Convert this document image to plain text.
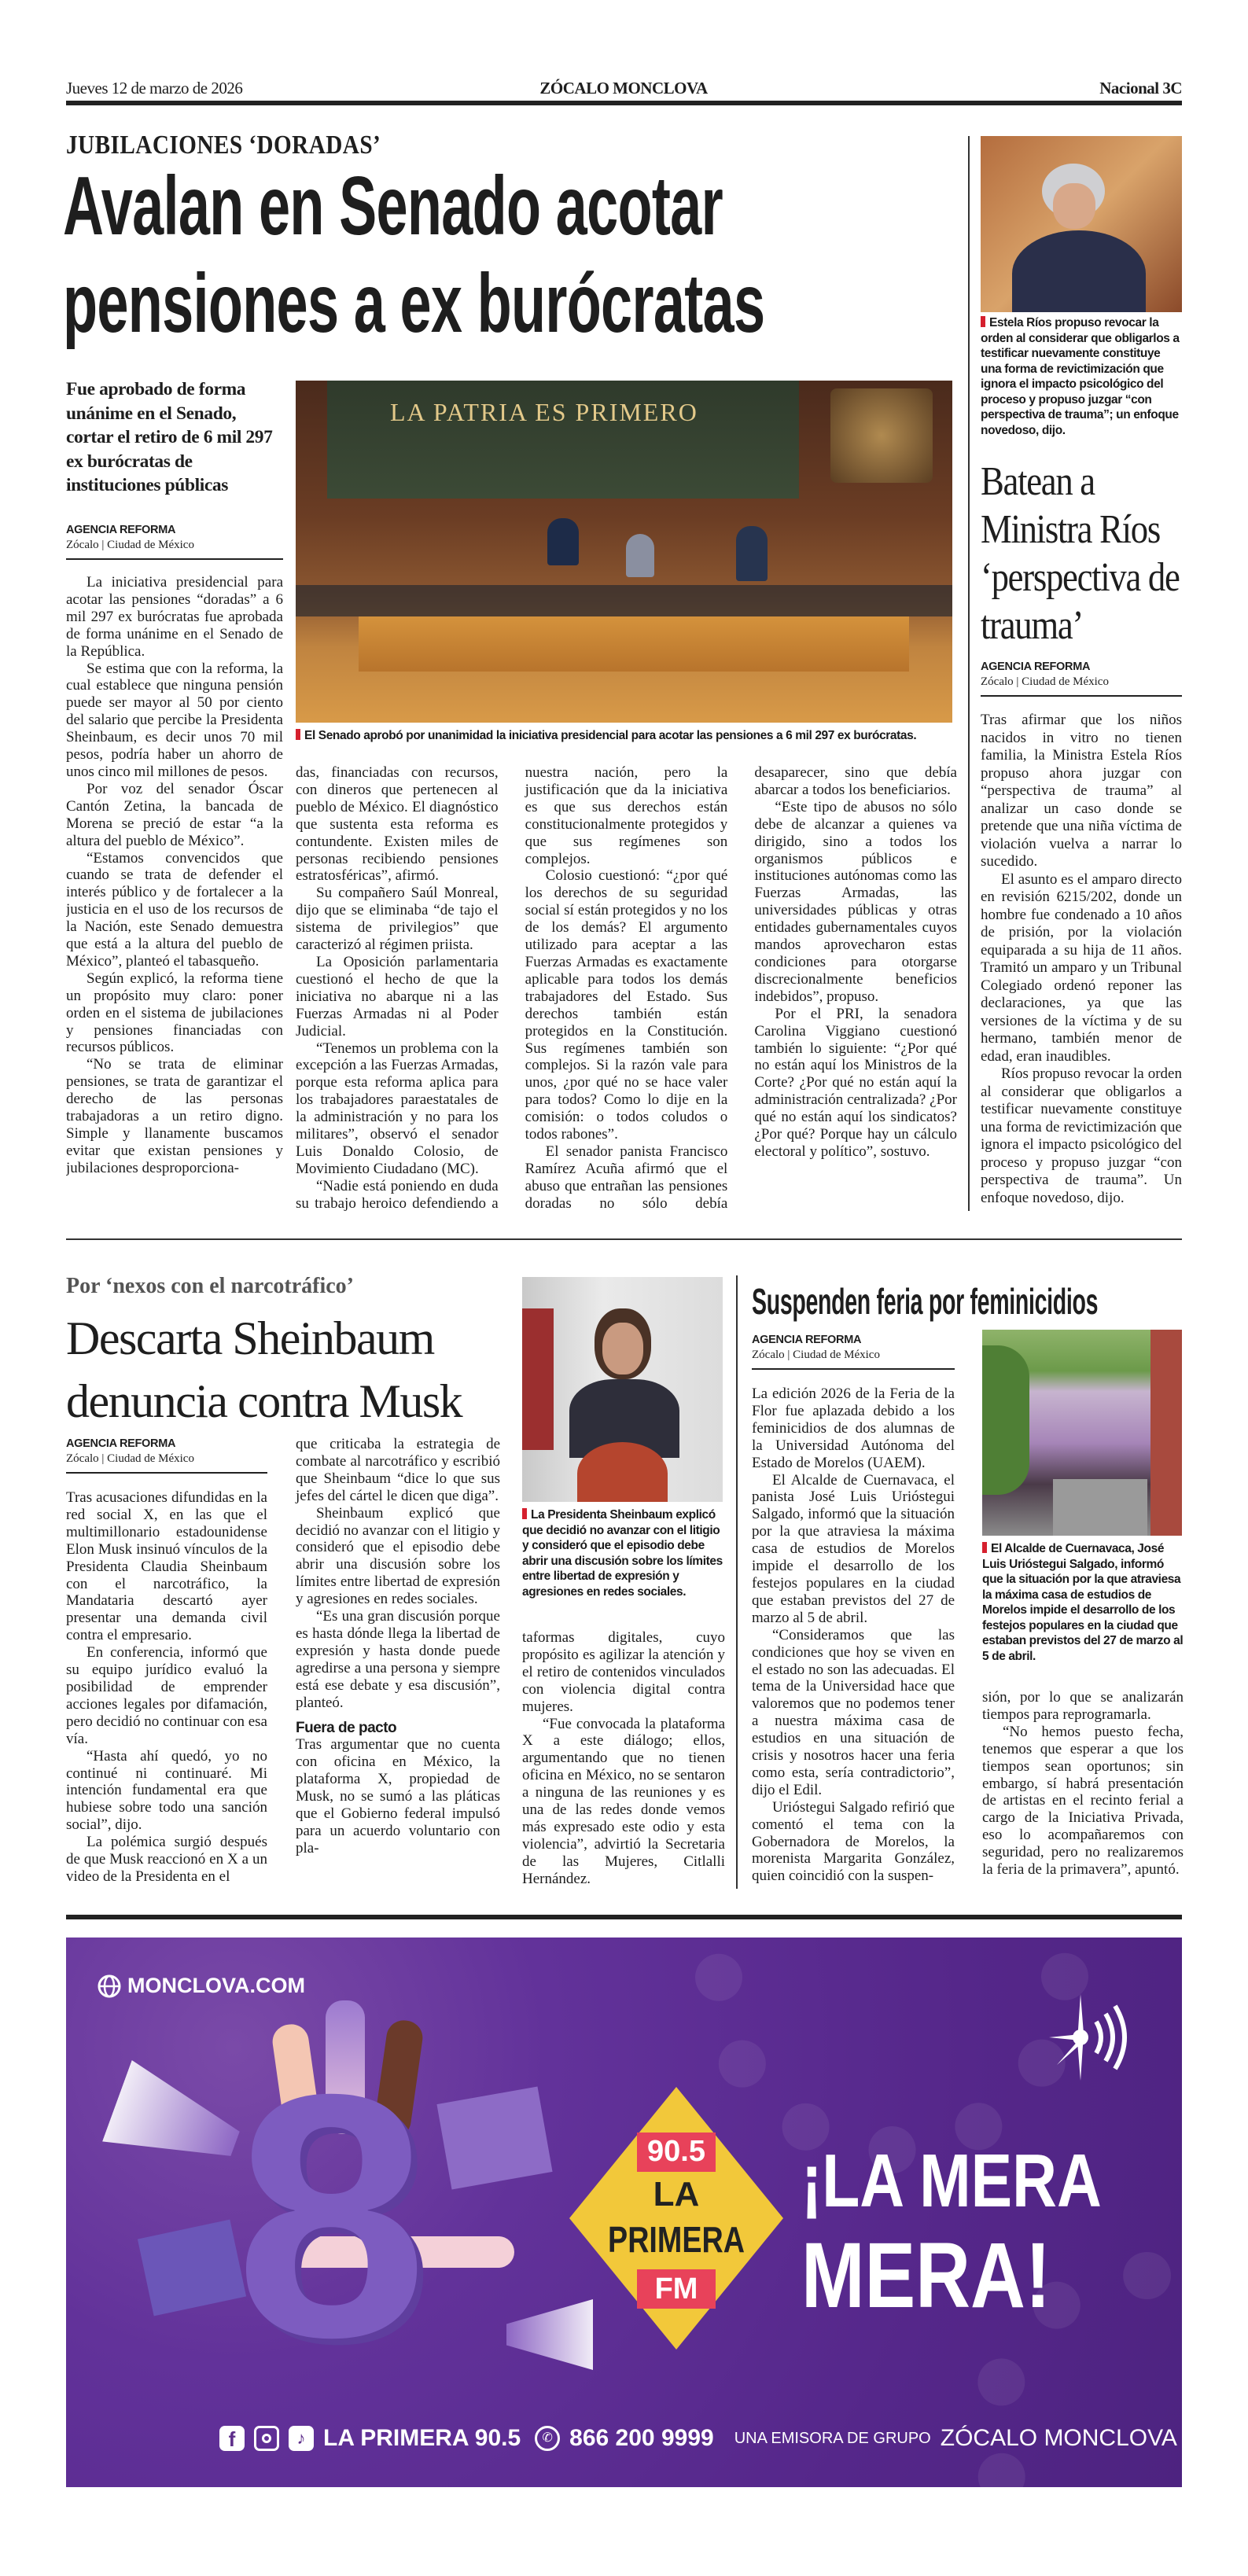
Jueves 12 de marzo de 2026	ZÓCALO MONCLOVA	Nacional 3C
JUBILACIONES ‘DORADAS’
Avalan en Senado acotar
pensiones a ex burócratas
Fue aprobado de forma unánime en el Senado, cortar el retiro de 6 mil 297 ex burócratas de instituciones públicas
AGENCIA REFORMA
Zócalo | Ciudad de México

La iniciativa presidencial para acotar las pensiones “doradas” a 6 mil 297 ex burócratas fue aprobada de forma unánime en el Senado de la República.

Se estima que con la reforma, la cual establece que ninguna pensión puede ser mayor al 50 por ciento del salario que percibe la Presidenta Sheinbaum, es decir unos 70 mil pesos, podría haber un ahorro de unos cinco mil millones de pesos.

Por voz del senador Óscar Cantón Zetina, la bancada de Morena se preció de estar “a la altura del pueblo de México”.

“Estamos convencidos que cuando se trata de defender el interés público y de fortalecer a la justicia en el uso de los recursos de la Nación, este Senado demuestra que está a la altura del pueblo de México”, planteó el tabasqueño.

Según explicó, la reforma tiene un propósito muy claro: poner orden en el sistema de jubilaciones y pensiones financiadas con recursos públicos.

“No se trata de eliminar pensiones, se trata de garantizar el derecho de las personas trabajadoras a un retiro digno. Simple y llanamente buscamos evitar que existan pensiones y jubilaciones desproporciona-

LA PATRIA ES PRIMERO
El Senado aprobó por unanimidad la iniciativa presidencial para acotar las pensiones a 6 mil 297 ex burócratas.

das, financiadas con recursos, con dineros que pertenecen al pueblo de México. El diagnóstico que sustenta esta reforma es contundente. Existen miles de personas recibiendo pensiones estratosféricas”, afirmó.

Su compañero Saúl Monreal, dijo que se eliminaba “de tajo el sistema de privilegios” que caracterizó al régimen priista.

La Oposición parlamentaria cuestionó el hecho de que la iniciativa no abarque ni a las Fuerzas Armadas ni al Poder Judicial.

“Tenemos un problema con la excepción a las Fuerzas Armadas, porque esta reforma aplica para los trabajadores paraestatales de la administración y no para los militares”, observó el senador Luis Donaldo Colosio, de Movimiento Ciudadano (MC).

“Nadie está poniendo en duda su trabajo heroico defendiendo a nuestra nación, pero la justificación que da la iniciativa es que sus derechos están constitucionalmente protegidos y que sus regímenes son complejos.

Colosio cuestionó: “¿por qué los derechos de su seguridad social sí están protegidos y no los de los demás? El argumento utilizado para aceptar a las Fuerzas Armadas es exactamente aplicable para todos los demás trabajadores del Estado. Sus derechos también están protegidos en la Constitución. Sus regímenes también son complejos. Si la razón vale para unos, ¿por qué no se hace valer para todos? Como lo dije en la comisión: o todos coludos o todos rabones”.

El senador panista Francisco Ramírez Acuña afirmó que el abuso que entrañan las pensiones doradas no sólo debía desaparecer, sino que debía abarcar a todos los beneficiarios.

“Este tipo de abusos no sólo debe de alcanzar a quienes va dirigido, sino a todos los organismos públicos e instituciones autónomas como las Fuerzas Armadas, las universidades públicas y otras entidades gubernamentales cuyos mandos aprovecharon estas condiciones para otorgarse discrecionalmente beneficios indebidos”, propuso.

Por el PRI, la senadora Carolina Viggiano cuestionó también lo siguiente: “¿Por qué no están aquí los Ministros de la Corte? ¿Por qué no están aquí la administración centralizada? ¿Por qué no están aquí los sindicatos? ¿Por qué? Porque hay un cálculo electoral y político”, sostuvo.

Estela Ríos propuso revocar la orden al considerar que obligarlos a testificar nuevamente constituye una forma de revictimización que ignora el impacto psicológico del proceso y propuso juzgar “con perspectiva de trauma”; un enfoque novedoso, dijo.
Batean a Ministra Ríos ‘perspectiva de trauma’
AGENCIA REFORMA
Zócalo | Ciudad de México

Tras afirmar que los niños nacidos in vitro no tienen familia, la Ministra Estela Ríos propuso ahora juzgar con “perspectiva de trauma” al analizar un caso donde se pretende que una niña víctima de violación vuelva a narrar lo sucedido.

El asunto es el amparo directo en revisión 6215/202, donde un hombre fue condenado a 10 años de prisión, por la violación equiparada a su hija de 11 años. Tramitó un amparo y un Tribunal Colegiado ordenó reponer las declaraciones, ya que las versiones de la víctima y de su hermano, también menor de edad, eran inaudibles.

Ríos propuso revocar la orden al considerar que obligarlos a testificar nuevamente constituye una forma de revictimización que ignora el impacto psicológico del proceso y propuso juzgar “con perspectiva de trauma”. Un enfoque novedoso, dijo.

Por ‘nexos con el narcotráfico’
Descarta Sheinbaum
denuncia contra Musk
AGENCIA REFORMA
Zócalo | Ciudad de México

Tras acusaciones difundidas en la red social X, en las que el multimillonario estadounidense Elon Musk insinuó vínculos de la Presidenta Claudia Sheinbaum con el narcotráfico, la Mandataria descartó ayer presentar una demanda civil contra el empresario.

En conferencia, informó que su equipo jurídico evaluó la posibilidad de emprender acciones legales por difamación, pero decidió no continuar con esa vía.

“Hasta ahí quedó, yo no continué ni continuaré. Mi intención fundamental era que hubiese sobre todo una sanción social”, dijo.

La polémica surgió después de que Musk reaccionó en X a un video de la Presidenta en el

que criticaba la estrategia de combate al narcotráfico y escribió que Sheinbaum “dice lo que sus jefes del cártel le dicen que diga”.

Sheinbaum explicó que decidió no avanzar con el litigio y consideró que el episodio debe abrir una discusión sobre los límites entre libertad de expresión y agresiones en redes sociales.

“Es una gran discusión porque es hasta dónde llega la libertad de expresión y hasta donde puede agredirse a una persona y siempre está ese debate y esa discusión”, planteó.

Fuera de pacto

Tras argumentar que no cuenta con oficina en México, la plataforma X, propiedad de Musk, no se sumó a las pláticas que el Gobierno federal impulsó para un acuerdo voluntario con pla-

La Presidenta Sheinbaum explicó que decidió no avanzar con el litigio y consideró que el episodio debe abrir una discusión sobre los límites entre libertad de expresión y agresiones en redes sociales.

taformas digitales, cuyo propósito es agilizar la atención y el retiro de contenidos vinculados con violencia digital contra mujeres.

“Fue convocada la plataforma X a este diálogo; ellos, argumentando que no tienen oficina en México, no se sentaron a ninguna de las reuniones y es una de las redes donde vemos más expresado este odio y esta violencia”, advirtió la Secretaria de las Mujeres, Citlalli Hernández.

Suspenden feria por feminicidios
AGENCIA REFORMA
Zócalo | Ciudad de México

La edición 2026 de la Feria de la Flor fue aplazada debido a los feminicidios de dos alumnas de la Universidad Autónoma del Estado de Morelos (UAEM).

El Alcalde de Cuernavaca, el panista José Luis Urióstegui Salgado, informó que la situación por la que atraviesa la máxima casa de estudios de Morelos impide el desarrollo de los festejos populares en la ciudad que estaban previstos del 27 de marzo al 5 de abril.

“Consideramos que las condiciones que hoy se viven en el estado no son las adecuadas. El tema de la Universidad hace que valoremos que no podemos tener a nuestra máxima casa de estudios en una situación de crisis y nosotros hacer una feria como esta, sería contradictorio”, dijo el Edil.

Urióstegui Salgado refirió que comentó el tema con la Gobernadora de Morelos, la morenista Margarita González, quien coincidió con la suspen-

El Alcalde de Cuernavaca, José Luis Urióstegui Salgado, informó que la situación por la que atraviesa la máxima casa de estudios de Morelos impide el desarrollo de los festejos populares en la ciudad que estaban previstos del 27 de marzo al 5 de abril.

sión, por lo que se analizarán tiempos para reprogramarla.

“No hemos puesto fecha, tenemos que esperar a que los tiempos sean oportunos; sin embargo, sí habrá presentación de artistas en el recinto ferial a cargo de la Iniciativa Privada, eso lo acompañaremos con seguridad, pero no realizaremos la feria de la primavera”, apuntó.

MONCLOVA.COM
8	90.5
LA
PRIMERA
FM
¡LA MERA
MERA!
f	♪ LA PRIMERA 90.5	✆ 866 200 9999 UNA EMISORA DE GRUPO ZÓCALO MONCLOVA
